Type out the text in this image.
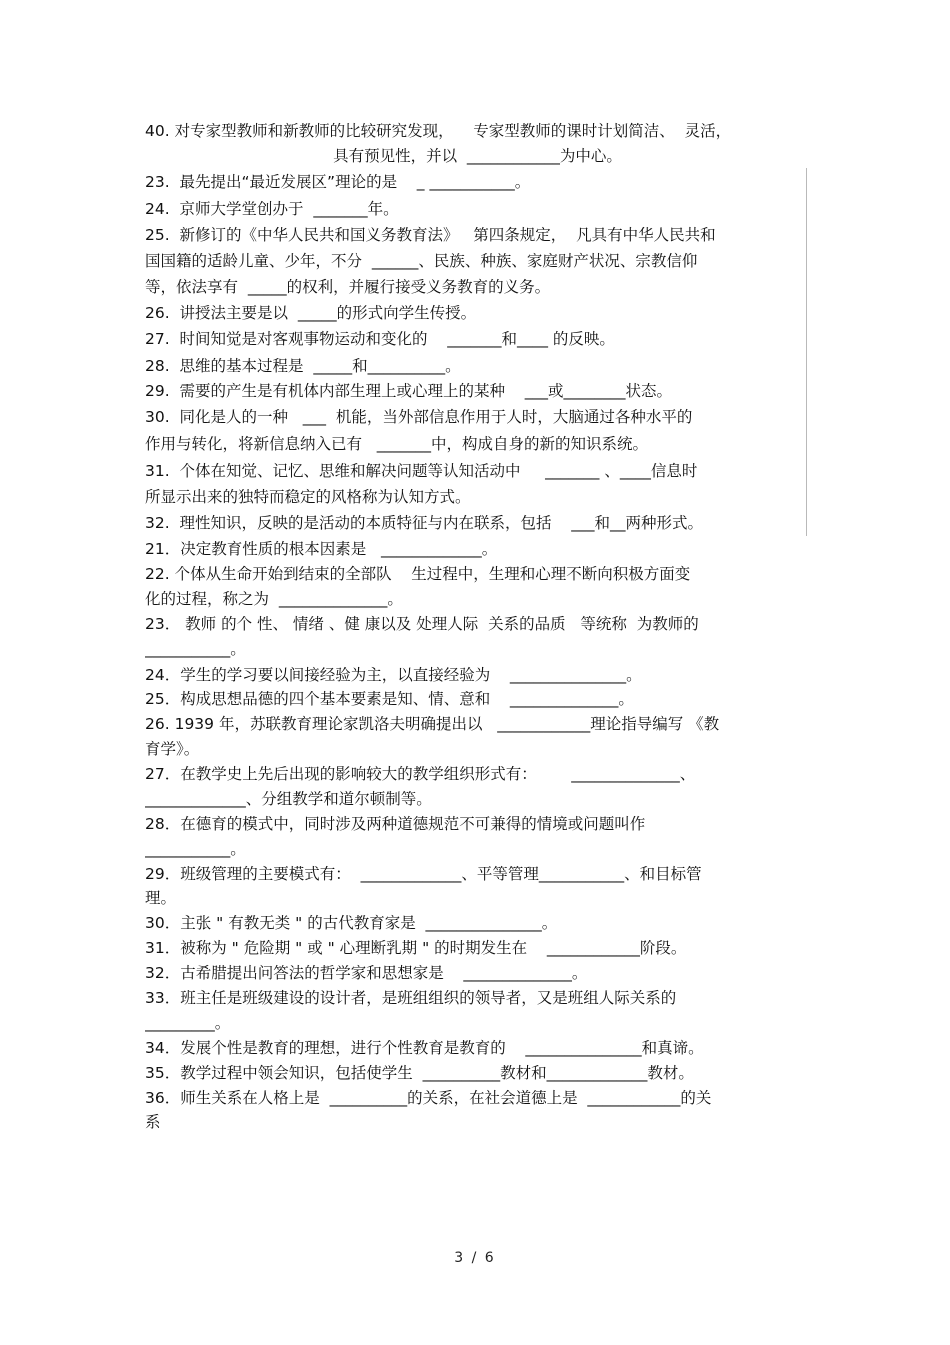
40. 对专家型教师和新教师的比较研究发现，    专家型教师的课时计划简洁、  灵活，
具有预见性，并以  ____________为中心。
23.  最先提出“最近发展区”理论的是    _ ___________。
24.  京师大学堂创办于  _______年。
25.  新修订的《中华人民共和国义务教育法》   第四条规定，  凡具有中华人民共和
国国籍的适龄儿童、少年，不分  ______、民族、种族、家庭财产状况、宗教信仰
等，依法享有  _____的权利，并履行接受义务教育的义务。
26.  讲授法主要是以  _____的形式向学生传授。
27.  时间知觉是对客观事物运动和变化的    _______和____ 的反映。
28.  思维的基本过程是  _____和__________。
29.  需要的产生是有机体内部生理上或心理上的某种    ___或________状态。
30.  同化是人的一种   ___  机能，当外部信息作用于人时，大脑通过各种水平的
作用与转化，将新信息纳入已有   _______中，构成自身的新的知识系统。
31.  个体在知觉、记忆、思维和解决问题等认知活动中     _______ 、____信息时
所显示出来的独特而稳定的风格称为认知方式。
32.  理性知识，反映的是活动的本质特征与内在联系，包括    ___和__两种形式。
21．决定教育性质的根本因素是   _____________。
22. 个体从生命开始到结束的全部队    生过程中，生理和心理不断向积极方面变
化的过程，称之为  ______________。
23． 教师 的个 性、 情绪 、健 康以及 处理人际  关系的品质   等统称  为教师的
___________。
24．学生的学习要以间接经验为主，以直接经验为    _______________。
25．构成思想品德的四个基本要素是知、情、意和    ______________。
26. 1939 年，苏联教育理论家凯洛夫明确提出以   ____________理论指导编写 《教
育学》。
27．在教学史上先后出现的影响较大的教学组织形式有：       ______________、
_____________、分组教学和道尔顿制等。
28．在德育的模式中，同时涉及两种道德规范不可兼得的情境或问题叫作
___________。
29．班级管理的主要模式有：  _____________、平等管理___________、和目标管
理。
30．主张 " 有教无类 " 的古代教育家是  _______________。
31．被称为 " 危险期 " 或 " 心理断乳期 " 的时期发生在    ____________阶段。
32．古希腊提出问答法的哲学家和思想家是    ______________。
33．班主任是班级建设的设计者，是班组组织的领导者，又是班组人际关系的
_________。
34．发展个性是教育的理想，进行个性教育是教育的    _______________和真谛。
35．教学过程中领会知识，包括使学生  __________教材和_____________教材。
36．师生关系在人格上是  __________的关系，在社会道德上是  ____________的关
系
3 / 6
